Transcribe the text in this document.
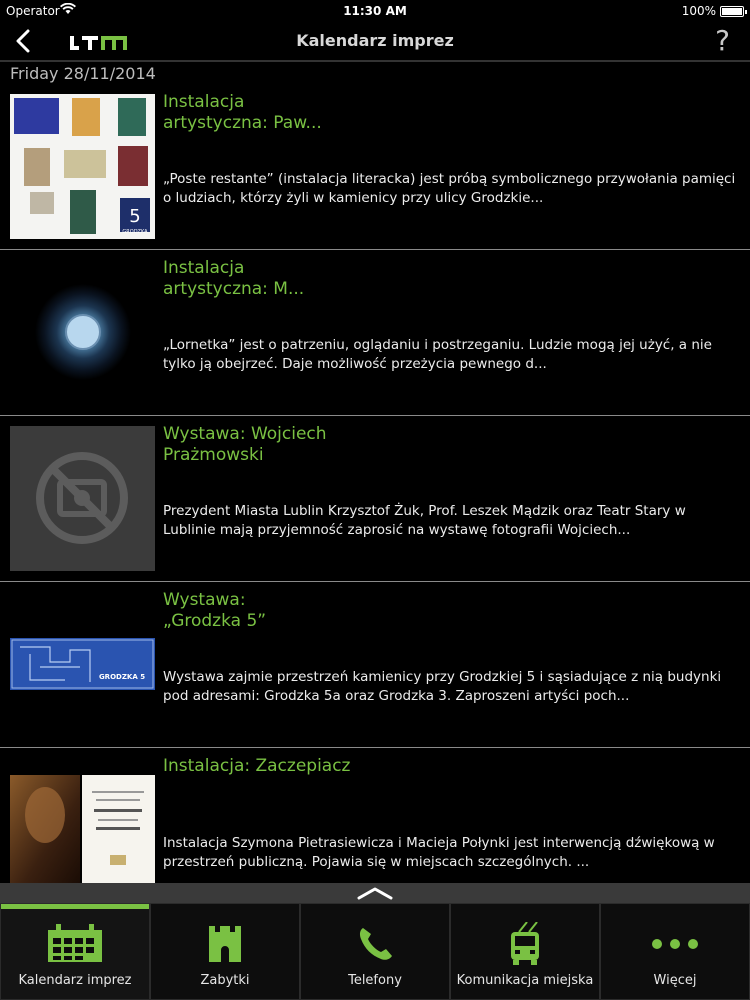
Operator	11:30 AM	100%
Kalendarz imprez	?
Friday 28/11/2014
5
GRODZKA
Instalacja
artystyczna: Paw...
„Poste restante” (instalacja literacka) jest próbą symbolicznego przywołania pamięci o ludziach, którzy żyli w kamienicy przy ulicy Grodzkie...
Instalacja
artystyczna: M...
„Lornetka” jest o patrzeniu, oglądaniu i postrzeganiu. Ludzie mogą jej użyć, a nie tylko ją obejrzeć. Daje możliwość przeżycia pewnego d...
Wystawa: Wojciech
Prażmowski
Prezydent Miasta Lublin Krzysztof Żuk, Prof. Leszek Mądzik oraz Teatr Stary w Lublinie mają przyjemność zaprosić na wystawę fotografii Wojciech...
GRODZKA 5
Wystawa:
„Grodzka 5”
Wystawa zajmie przestrzeń kamienicy przy Grodzkiej 5 i sąsiadujące z nią budynki pod adresami: Grodzka 5a oraz Grodzka 3. Zaproszeni artyści poch...
Instalacja: Zaczepiacz
Instalacja Szymona Pietrasiewicza i Macieja Połynki jest interwencją dźwiękową w przestrzeń publiczną. Pojawia się w miejscach szczególnych. ...
Kalendarz imprez	Zabytki	Telefony	Komunikacja miejska	Więcej
